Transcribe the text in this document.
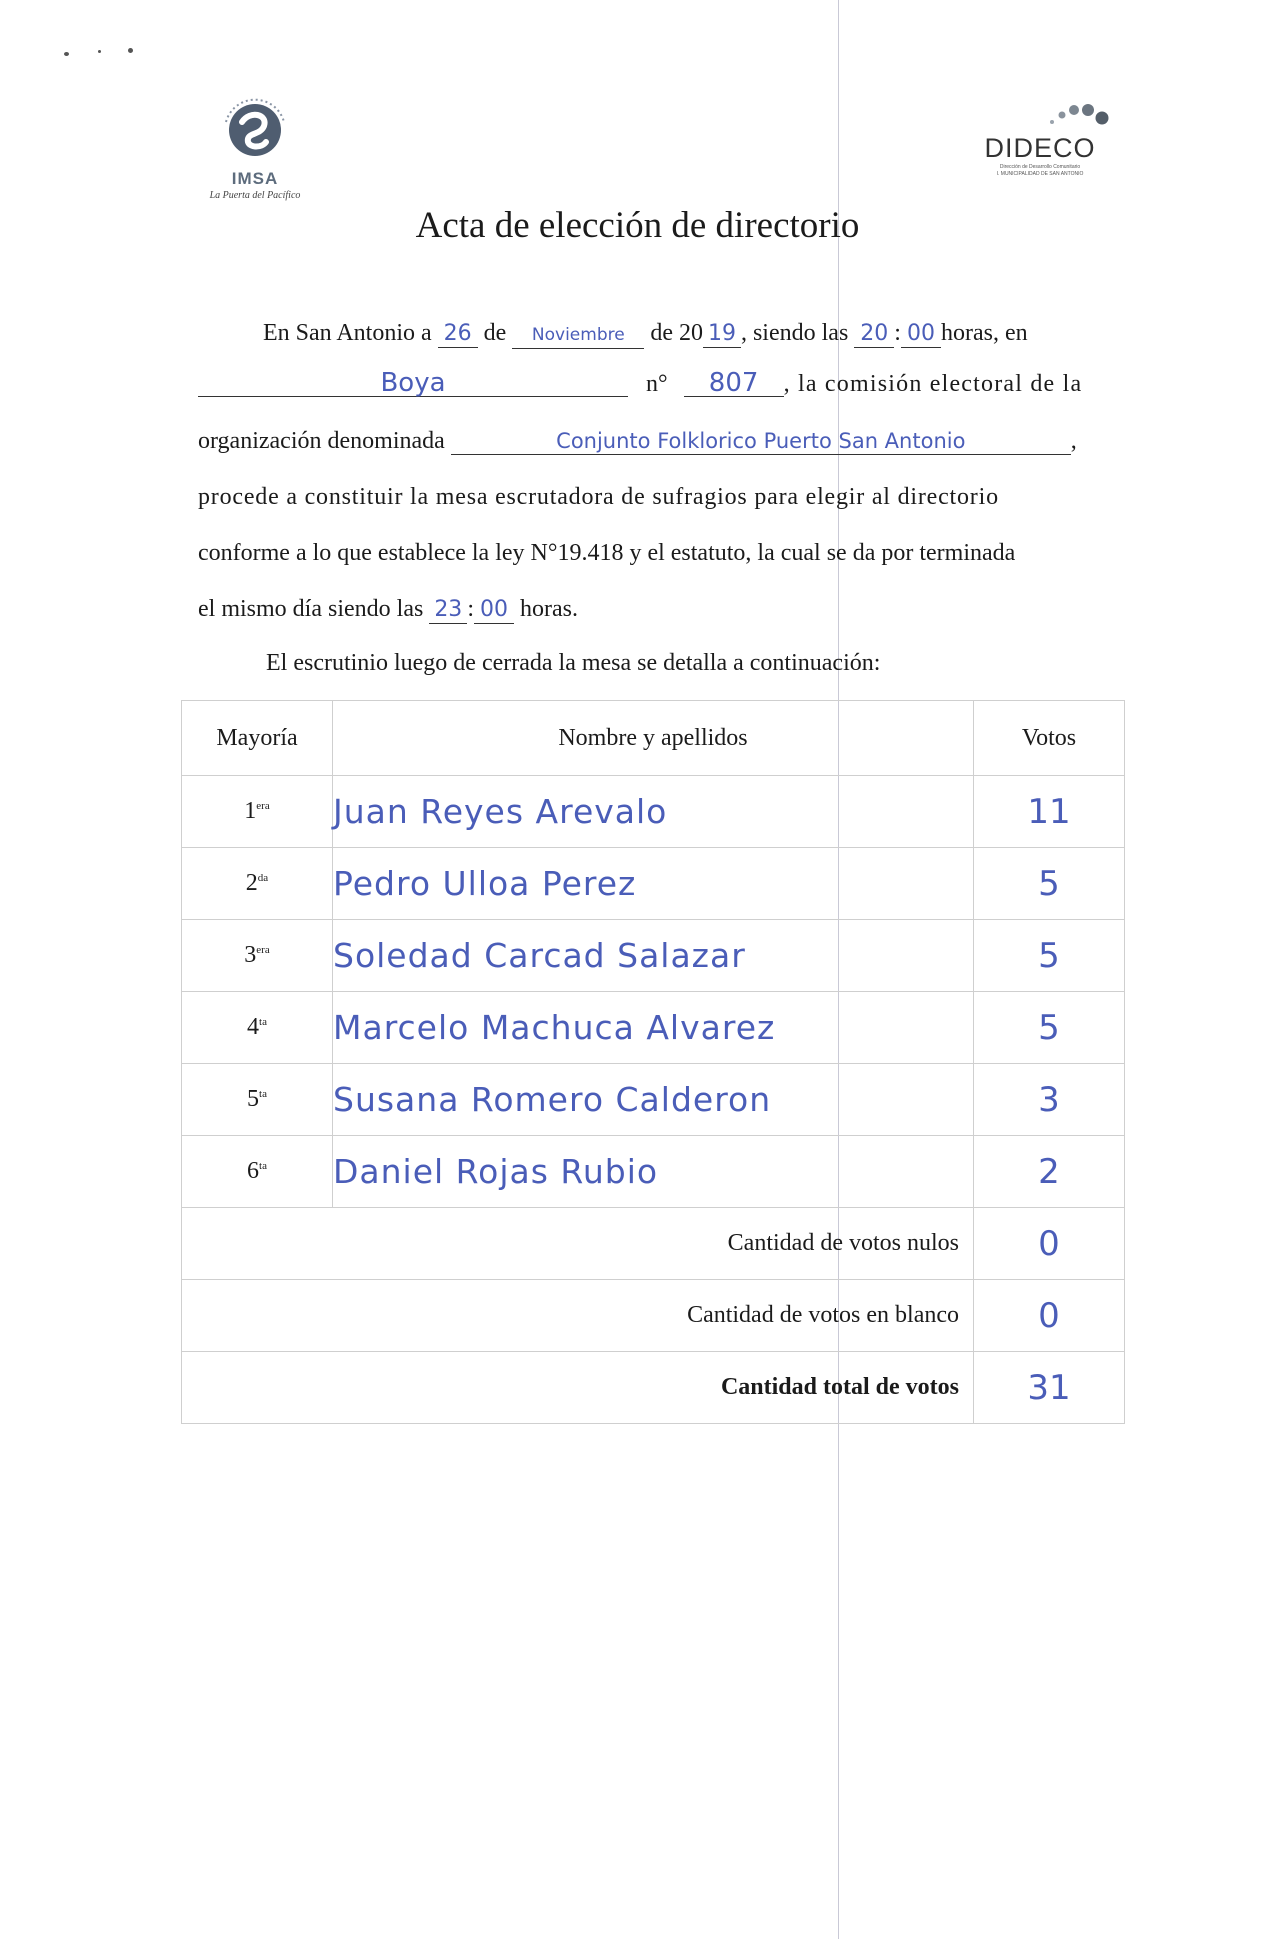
IMSA
La Puerta del Pacífico
DIDECO
Dirección de Desarrollo Comunitario
I. MUNICIPALIDAD DE SAN ANTONIO
Acta de elección de directorio
En San Antonio a 26 de Noviembre de 20 19 , siendo las 20 : 00 horas, en
Boya	n° 807 , la comisión electoral de la
organización denominada	Conjunto Folklorico Puerto San Antonio	,
procede a constituir la mesa escrutadora de sufragios para elegir al directorio
conforme a lo que establece la ley N°19.418 y el estatuto, la cual se da por terminada
el mismo día siendo las 23 : 00 horas.
El escrutinio luego de cerrada la mesa se detalla a continuación:
Mayoría	Nombre y apellidos	Votos
$1^{era}$	Juan Reyes Arevalo	11
$2^{da}$	Pedro Ulloa Perez	5
$3^{era}$	Soledad Carcad Salazar	5
$4^{ta}$	Marcelo Machuca Alvarez	5
$5^{ta}$	Susana Romero Calderon	3
$6^{ta}$	Daniel Rojas Rubio	2
Cantidad de votos nulos		0
Cantidad de votos en blanco		0
Cantidad total de votos		31
